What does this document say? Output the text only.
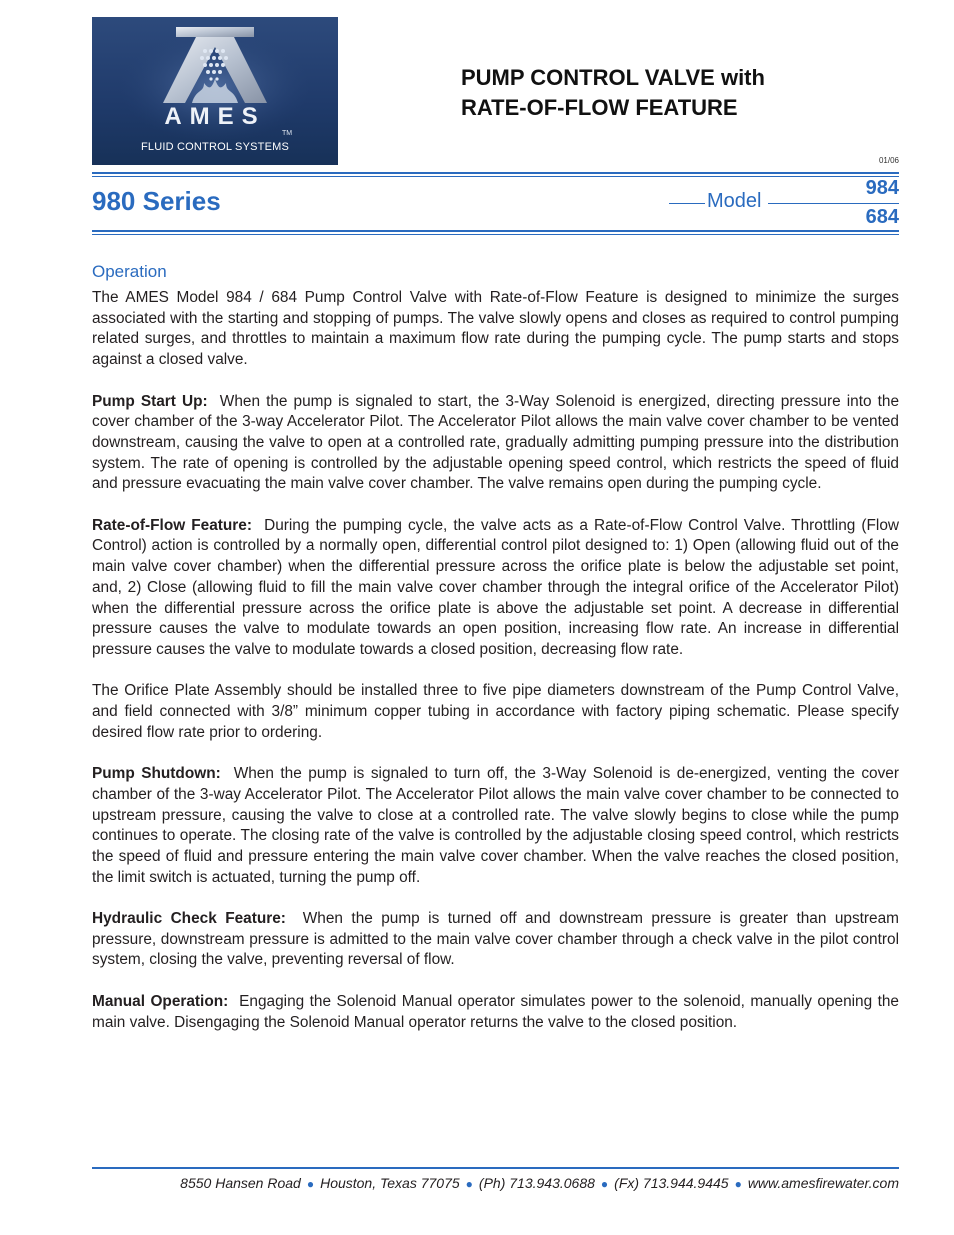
AMES
TM
FLUID CONTROL SYSTEMS
PUMP CONTROL VALVE with
RATE-OF-FLOW FEATURE
01/06
980 Series	Model
984
684
Operation

The AMES Model 984 / 684 Pump Control Valve with Rate-of-Flow Feature is designed to minimize the surges associated with the starting and stopping of pumps. The valve slowly opens and closes as required to control pumping related surges, and throttles to maintain a maximum flow rate during the pumping cycle. The pump starts and stops against a closed valve.

Pump Start Up: When the pump is signaled to start, the 3-Way Solenoid is energized, directing pressure into the cover chamber of the 3-way Accelerator Pilot. The Accelerator Pilot allows the main valve cover chamber to be vented downstream, causing the valve to open at a controlled rate, gradually admitting pumping pressure into the distribution system. The rate of opening is controlled by the adjustable opening speed control, which restricts the speed of fluid and pressure evacuating the main valve cover chamber. The valve remains open during the pumping cycle.

Rate-of-Flow Feature: During the pumping cycle, the valve acts as a Rate-of-Flow Control Valve. Throttling (Flow Control) action is controlled by a normally open, differential control pilot designed to: 1) Open (allowing fluid out of the main valve cover chamber) when the differential pressure across the orifice plate is below the adjustable set point, and, 2) Close (allowing fluid to fill the main valve cover chamber through the integral orifice of the Accelerator Pilot) when the differential pressure across the orifice plate is above the adjustable set point. A decrease in differential pressure causes the valve to modulate towards an open position, increasing flow rate. An increase in differential pressure causes the valve to modulate towards a closed position, decreasing flow rate.

The Orifice Plate Assembly should be installed three to five pipe diameters downstream of the Pump Control Valve, and field connected with 3/8” minimum copper tubing in accordance with factory piping schematic. Please specify desired flow rate prior to ordering.

Pump Shutdown: When the pump is signaled to turn off, the 3-Way Solenoid is de-energized, venting the cover chamber of the 3-way Accelerator Pilot. The Accelerator Pilot allows the main valve cover chamber to be connected to upstream pressure, causing the valve to close at a controlled rate. The valve slowly begins to close while the pump continues to operate. The closing rate of the valve is controlled by the adjustable closing speed control, which restricts the speed of fluid and pressure entering the main valve cover chamber. When the valve reaches the closed position, the limit switch is actuated, turning the pump off.

Hydraulic Check Feature: When the pump is turned off and downstream pressure is greater than upstream pressure, downstream pressure is admitted to the main valve cover chamber through a check valve in the pilot control system, closing the valve, preventing reversal of flow.

Manual Operation: Engaging the Solenoid Manual operator simulates power to the solenoid, manually opening the main valve. Disengaging the Solenoid Manual operator returns the valve to the closed position.

8550 Hansen Road ● Houston, Texas 77075 ● (Ph) 713.943.0688 ● (Fx) 713.944.9445 ● www.amesfirewater.com
